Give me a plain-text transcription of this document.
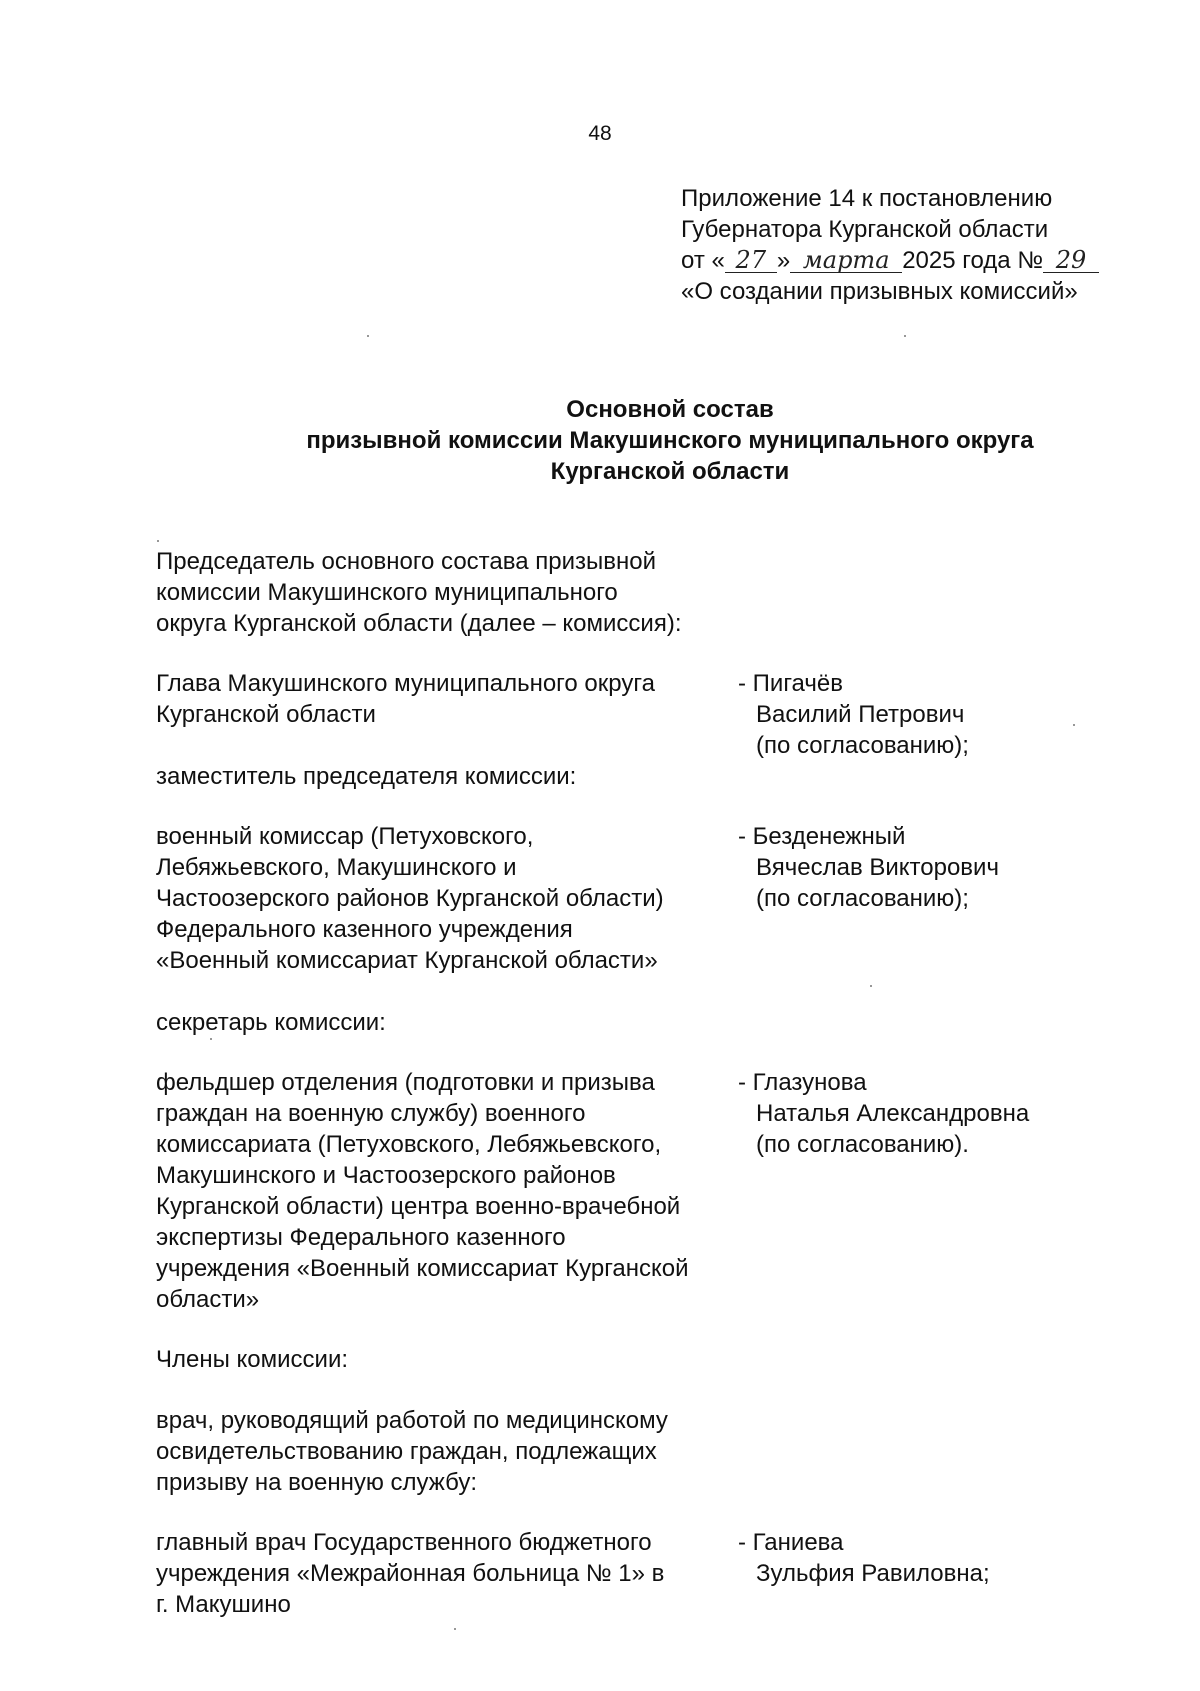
48
Приложение 14 к постановлению
Губернатора Курганской области
от « 27 » марта 2025 года № 29
«О создании призывных комиссий»
Основной состав
призывной комиссии Макушинского муниципального округа
Курганской области
Председатель основного состава призывной
комиссии Макушинского муниципального
округа Курганской области (далее – комиссия):
Глава Макушинского муниципального округа
Курганской области
- Пигачёв
Василий Петрович
(по согласованию);
заместитель председателя комиссии:
военный комиссар (Петуховского,
Лебяжьевского, Макушинского и
Частоозерского районов Курганской области)
Федерального казенного учреждения
«Военный комиссариат Курганской области»
- Безденежный
Вячеслав Викторович
(по согласованию);
секретарь комиссии:
фельдшер отделения (подготовки и призыва
граждан на военную службу) военного
комиссариата (Петуховского, Лебяжьевского,
Макушинского и Частоозерского районов
Курганской области) центра военно-врачебной
экспертизы Федерального казенного
учреждения «Военный комиссариат Курганской
области»
- Глазунова
Наталья Александровна
(по согласованию).
Члены комиссии:
врач, руководящий работой по медицинскому
освидетельствованию граждан, подлежащих
призыву на военную службу:
главный врач Государственного бюджетного
учреждения «Межрайонная больница № 1» в
г. Макушино
- Ганиева
Зульфия Равиловна;
